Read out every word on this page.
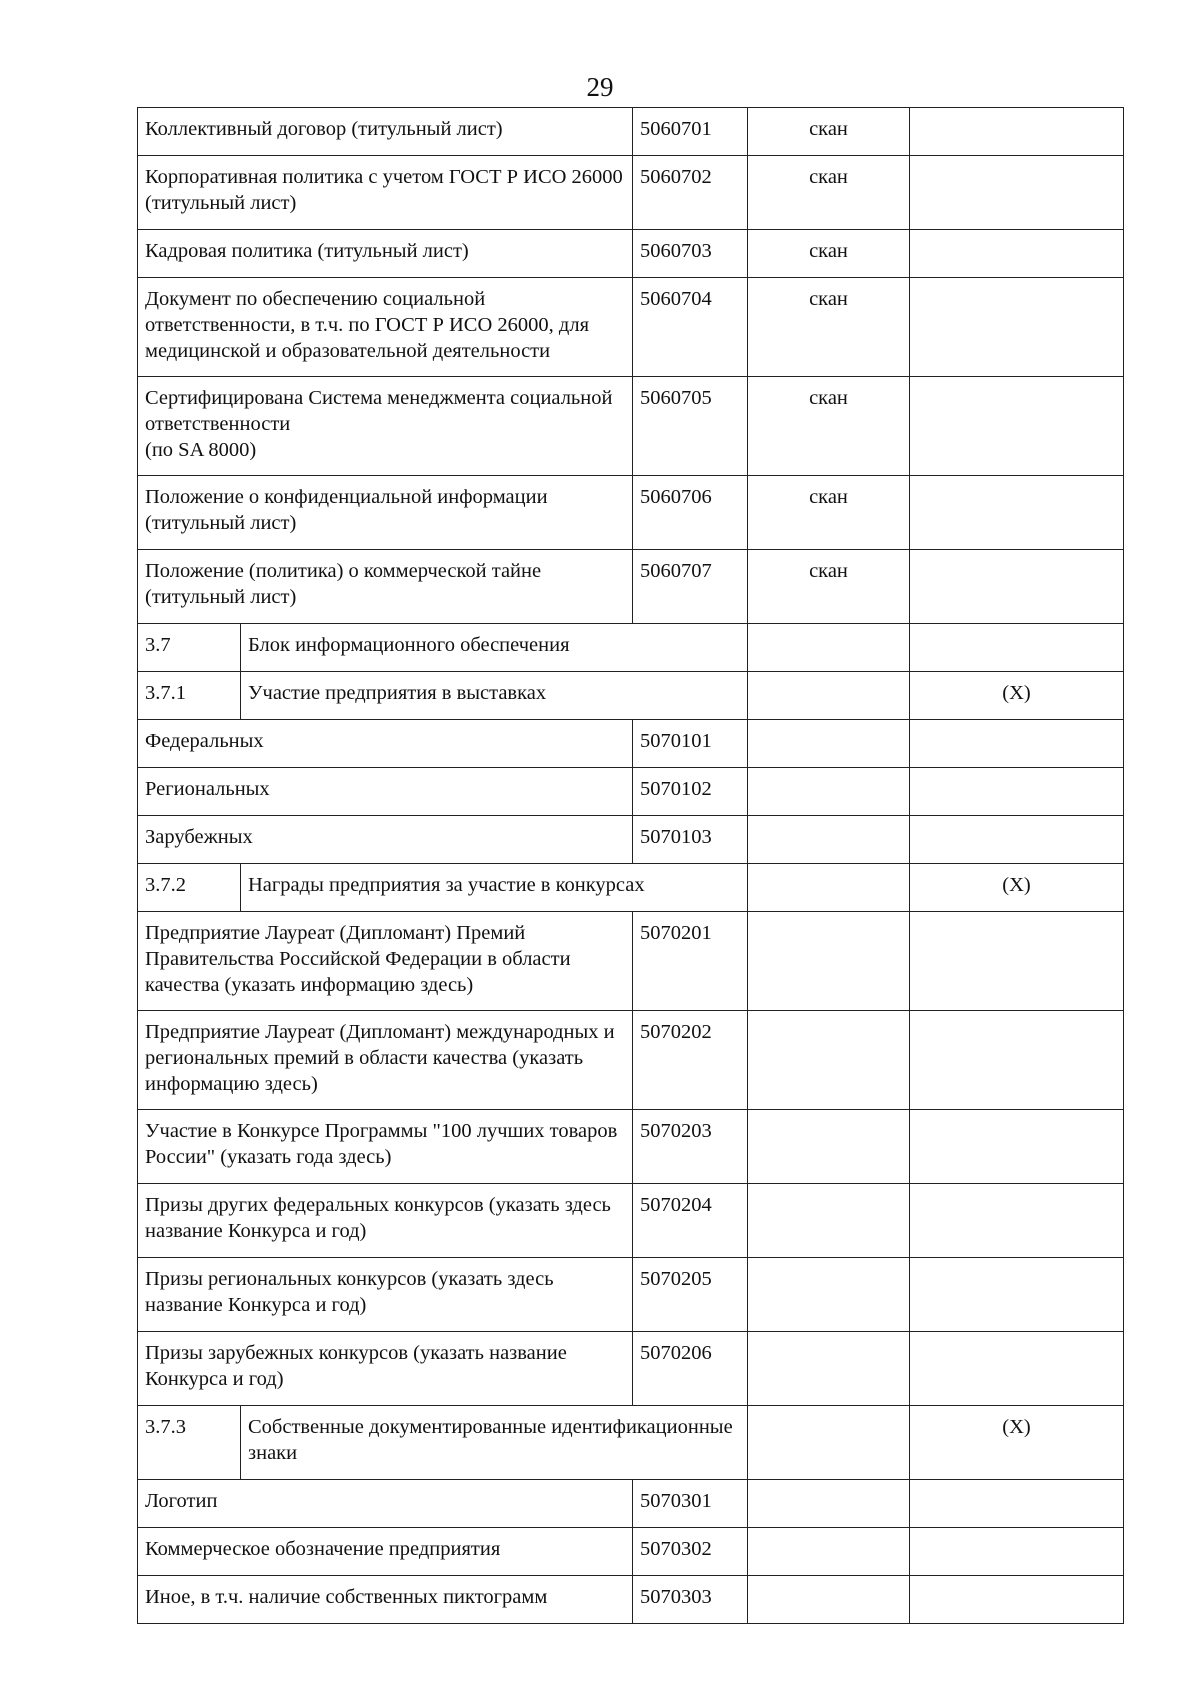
29
Коллективный договор (титульный лист)		5060701	скан	
Корпоративная политика с учетом ГОСТ Р ИСО 26000 (титульный лист)		5060702	скан	
Кадровая политика (титульный лист)		5060703	скан	
Документ по обеспечению социальной ответственности, в т.ч. по ГОСТ Р ИСО 26000, для медицинской и образовательной деятельности		5060704	скан	
Сертифицирована Система менеджмента социальной ответственности
(по SA 8000)		5060705	скан	
Положение о конфиденциальной информации (титульный лист)		5060706	скан	
Положение (политика) о коммерческой тайне (титульный лист)		5060707	скан	
3.7	Блок информационного обеспечения			
3.7.1	Участие предприятия в выставках			(X)
Федеральных		5070101		
Региональных		5070102		
Зарубежных		5070103		
3.7.2	Награды предприятия за участие в конкурсах			(X)
Предприятие Лауреат (Дипломант) Премий Правительства Российской Федерации в области качества (указать информацию здесь)		5070201		
Предприятие Лауреат (Дипломант) международных и региональных премий в области качества (указать информацию здесь)		5070202		
Участие в Конкурсе Программы "100 лучших товаров России" (указать года здесь)		5070203		
Призы других федеральных конкурсов (указать здесь название Конкурса и год)		5070204		
Призы региональных конкурсов (указать здесь название Конкурса и год)		5070205		
Призы зарубежных конкурсов (указать название Конкурса и год)		5070206		
3.7.3	Собственные документированные идентификационные знаки			(X)
Логотип		5070301		
Коммерческое обозначение предприятия		5070302		
Иное, в т.ч. наличие собственных пиктограмм		5070303		
